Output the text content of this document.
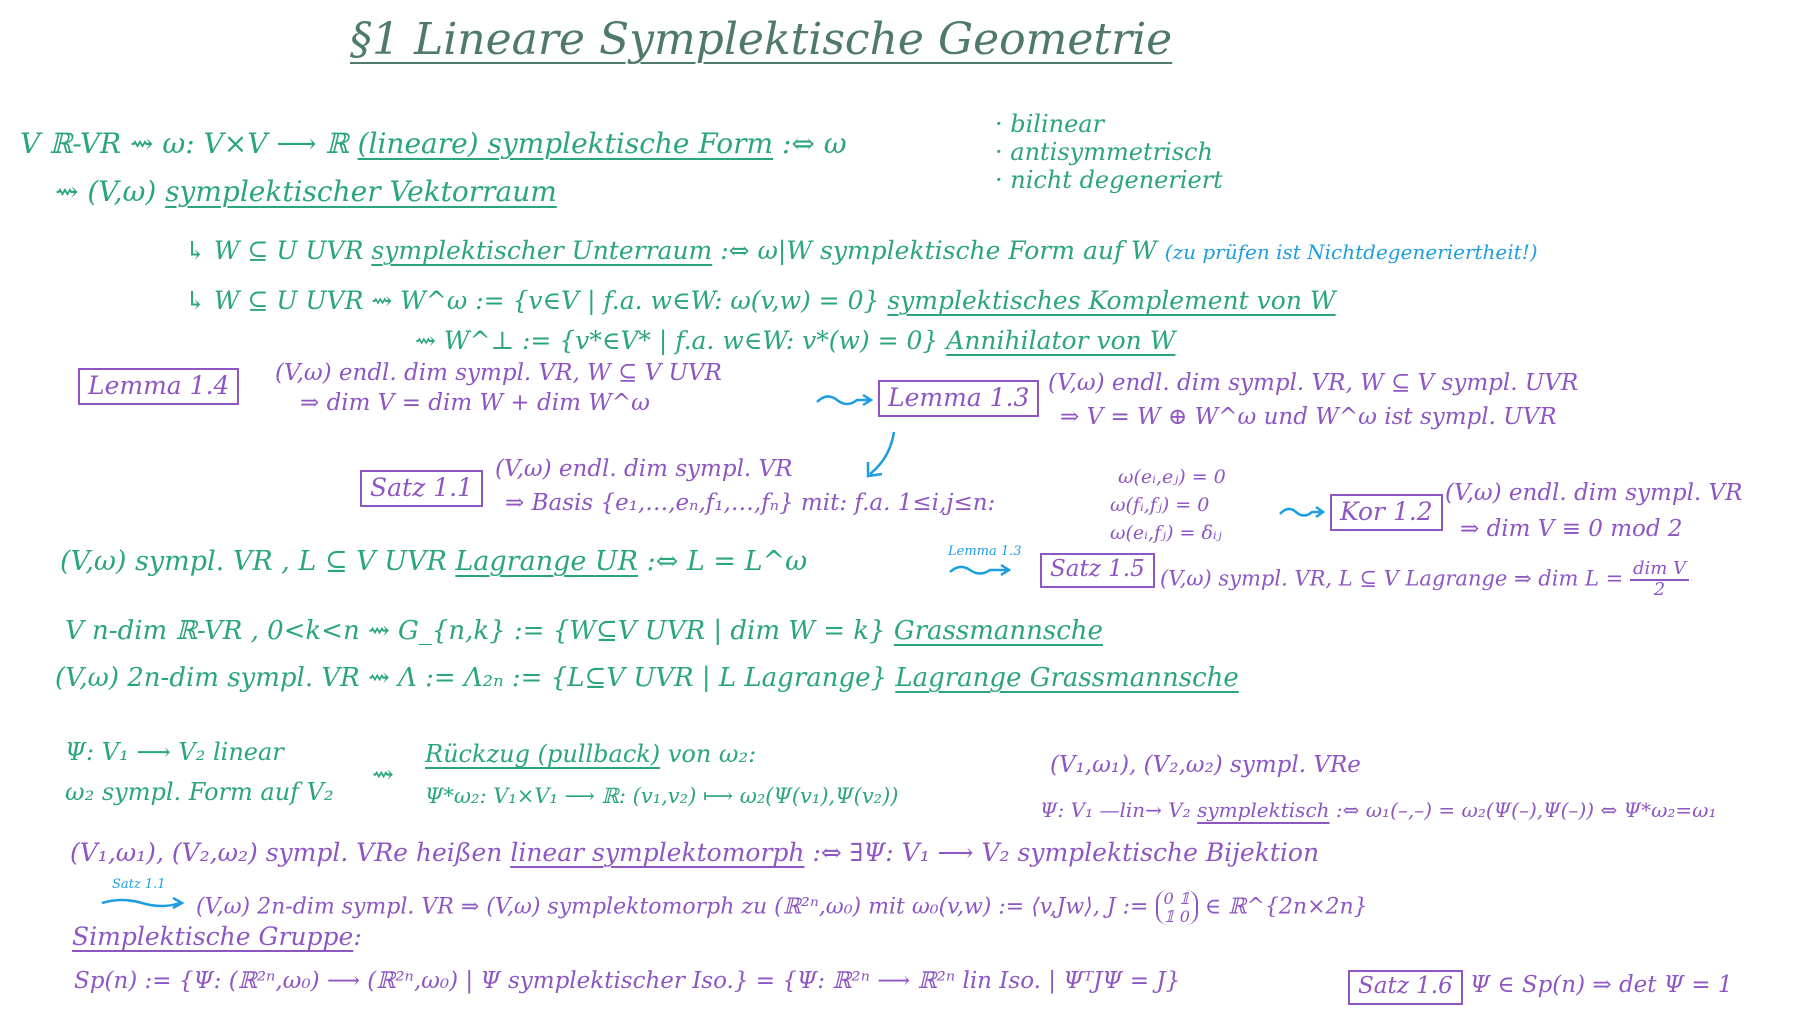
§1 Lineare Symplektische Geometrie
V ℝ-VR ⇝ ω: V×V ⟶ ℝ (lineare) symplektische Form :⇔ ω
· bilinear
· antisymmetrisch
· nicht degeneriert
⇝ (V,ω) symplektischer Vektorraum
↳ W ⊆ U UVR symplektischer Unterraum :⇔ ω|W symplektische Form auf W (zu prüfen ist Nichtdegeneriertheit!)
↳ W ⊆ U UVR ⇝ W^ω := {v∈V | f.a. w∈W: ω(v,w) = 0} symplektisches Komplement von W
⇝ W^⊥ := {v*∈V* | f.a. w∈W: v*(w) = 0} Annihilator von W
Lemma 1.4	(V,ω) endl. dim sympl. VR, W ⊆ V UVR
⇒ dim V = dim W + dim W^ω	Lemma 1.3 (V,ω) endl. dim sympl. VR, W ⊆ V sympl. UVR
⇒ V = W ⊕ W^ω und W^ω ist sympl. UVR
Satz 1.1
(V,ω) endl. dim sympl. VR
⇒ Basis {e₁,…,eₙ,f₁,…,fₙ} mit: f.a. 1≤i,j≤n:
ω(eᵢ,eⱼ) = 0
ω(fᵢ,fⱼ) = 0
ω(eᵢ,fⱼ) = δᵢⱼ
Kor 1.2
(V,ω) endl. dim sympl. VR
⇒ dim V ≡ 0 mod 2
(V,ω) sympl. VR , L ⊆ V UVR Lagrange UR :⇔ L = L^ω	Lemma 1.3
Satz 1.5 (V,ω) sympl. VR, L ⊆ V Lagrange ⇒ dim $L = \frac{\text{dim V}}{2}$
V n-dim ℝ-VR , 0<k<n ⇝ G_{n,k} := {W⊆V UVR | dim W = k} Grassmannsche
(V,ω) 2n-dim sympl. VR ⇝ Λ := Λ₂ₙ := {L⊆V UVR | L Lagrange} Lagrange Grassmannsche
Ψ: V₁ ⟶ V₂ linear
ω₂ sympl. Form auf V₂
⇝
Rückzug (pullback) von ω₂:
Ψ*ω₂: V₁×V₁ ⟶ ℝ: (v₁,v₂) ⟼ ω₂(Ψ(v₁),Ψ(v₂))
(V₁,ω₁), (V₂,ω₂) sympl. VRe
Ψ: V₁ —lin→ V₂ symplektisch :⇔ ω₁(–,–) = ω₂(Ψ(–),Ψ(–)) ⇔ Ψ*ω₂=ω₁
(V₁,ω₁), (V₂,ω₂) sympl. VRe heißen linear symplektomorph :⇔ ∃Ψ: V₁ ⟶ V₂ symplektische Bijektion
Satz 1.1
(V,ω) 2n-dim sympl. VR ⇒ (V,ω) symplektomorph zu (ℝ²ⁿ,ω₀) mit ω₀(v,w) := ⟨v,Jw⟩, J := 0 𝟙
𝟙 0 ∈ ℝ^{2n×2n}
Simplektische Gruppe:
Sp(n) := {Ψ: (ℝ²ⁿ,ω₀) ⟶ (ℝ²ⁿ,ω₀) | Ψ symplektischer Iso.} = {Ψ: ℝ²ⁿ ⟶ ℝ²ⁿ lin Iso. | ΨᵀJΨ = J}	Satz 1.6 Ψ ∈ Sp(n) ⇒ det Ψ = 1
